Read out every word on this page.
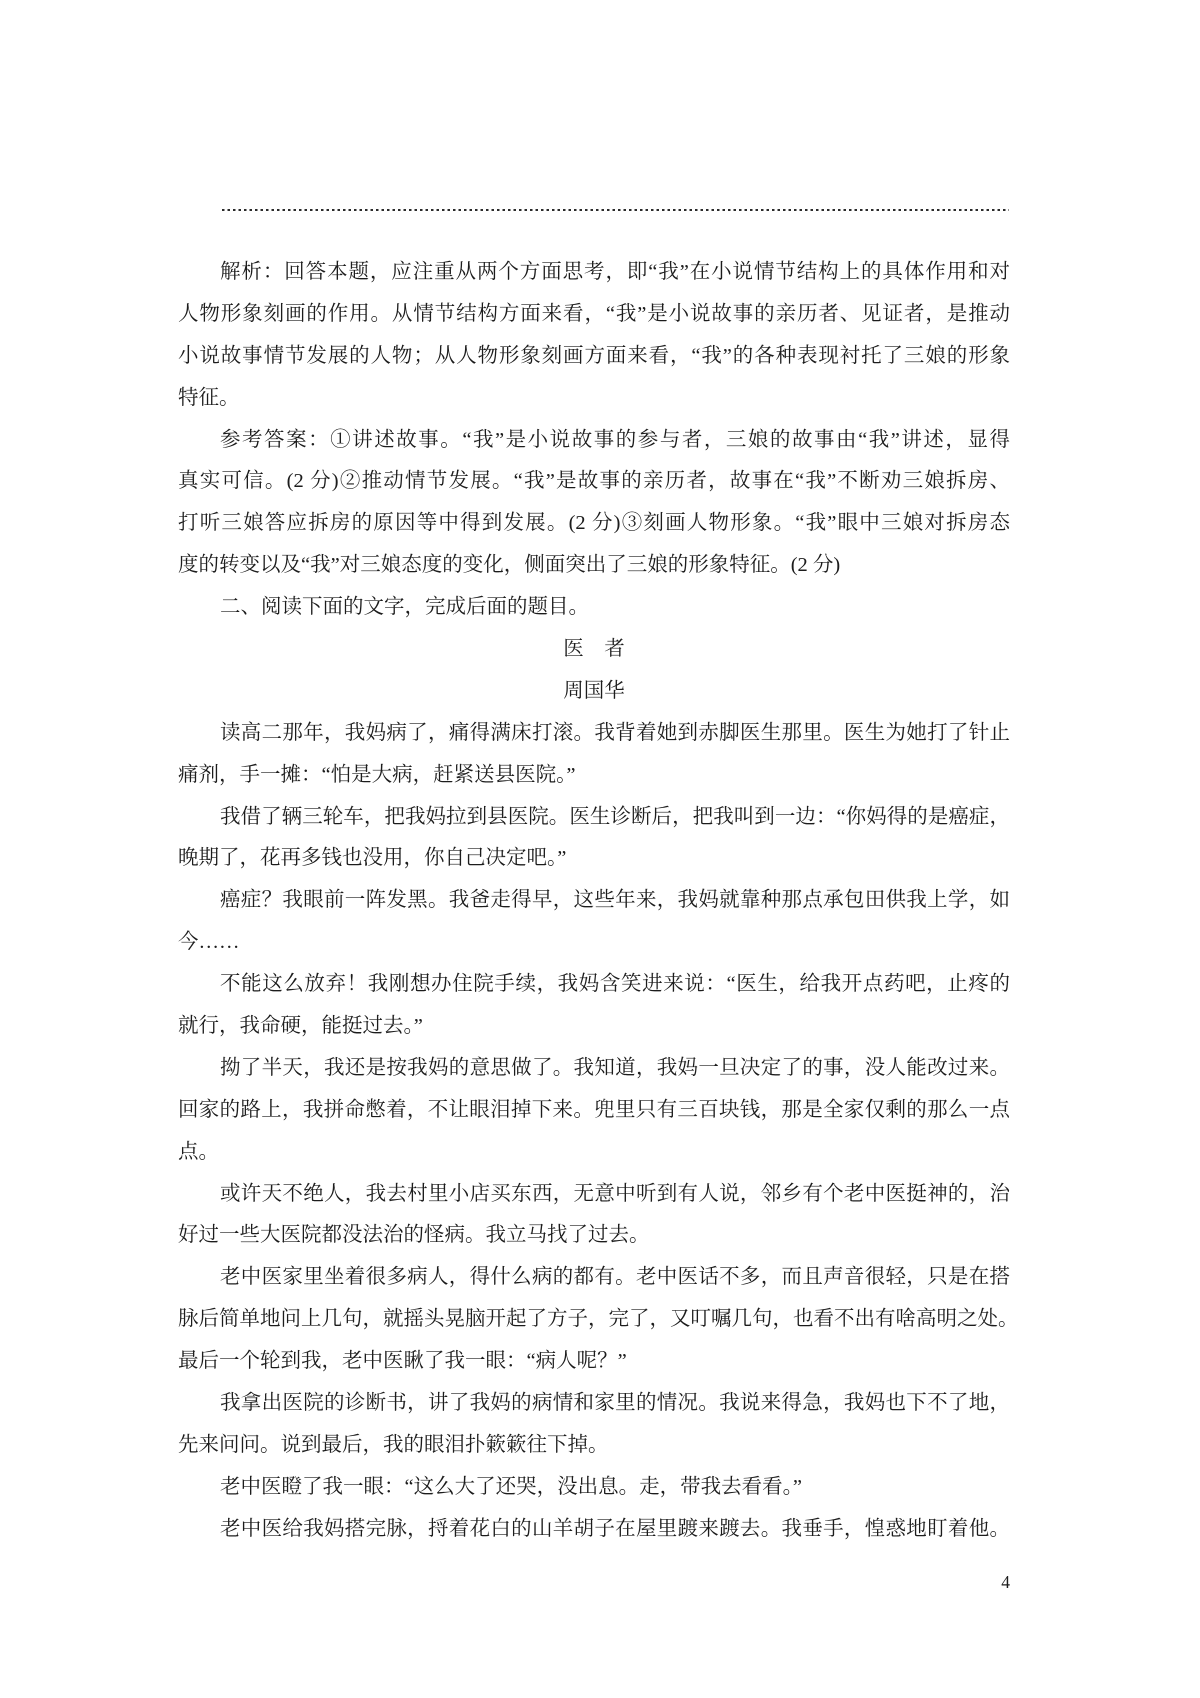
解析：回答本题，应注重从两个方面思考，即“我”在小说情节结构上的具体作用和对
人物形象刻画的作用。从情节结构方面来看，“我”是小说故事的亲历者、见证者，是推动
小说故事情节发展的人物；从人物形象刻画方面来看，“我”的各种表现衬托了三娘的形象
特征。
参考答案：①讲述故事。“我”是小说故事的参与者，三娘的故事由“我”讲述，显得
真实可信。(2 分)②推动情节发展。“我”是故事的亲历者，故事在“我”不断劝三娘拆房、
打听三娘答应拆房的原因等中得到发展。(2 分)③刻画人物形象。“我”眼中三娘对拆房态
度的转变以及“我”对三娘态度的变化，侧面突出了三娘的形象特征。(2 分)
二、阅读下面的文字，完成后面的题目。
医　者
周国华
读高二那年，我妈病了，痛得满床打滚。我背着她到赤脚医生那里。医生为她打了针止
痛剂，手一摊：“怕是大病，赶紧送县医院。”
我借了辆三轮车，把我妈拉到县医院。医生诊断后，把我叫到一边：“你妈得的是癌症，
晚期了，花再多钱也没用，你自己决定吧。”
癌症？我眼前一阵发黑。我爸走得早，这些年来，我妈就靠种那点承包田供我上学，如
今……
不能这么放弃！我刚想办住院手续，我妈含笑进来说：“医生，给我开点药吧，止疼的
就行，我命硬，能挺过去。”
拗了半天，我还是按我妈的意思做了。我知道，我妈一旦决定了的事，没人能改过来。
回家的路上，我拼命憋着，不让眼泪掉下来。兜里只有三百块钱，那是全家仅剩的那么一点
点。
或许天不绝人，我去村里小店买东西，无意中听到有人说，邻乡有个老中医挺神的，治
好过一些大医院都没法治的怪病。我立马找了过去。
老中医家里坐着很多病人，得什么病的都有。老中医话不多，而且声音很轻，只是在搭
脉后简单地问上几句，就摇头晃脑开起了方子，完了，又叮嘱几句，也看不出有啥高明之处。
最后一个轮到我，老中医瞅了我一眼：“病人呢？”
我拿出医院的诊断书，讲了我妈的病情和家里的情况。我说来得急，我妈也下不了地，
先来问问。说到最后，我的眼泪扑簌簌往下掉。
老中医瞪了我一眼：“这么大了还哭，没出息。走，带我去看看。”
老中医给我妈搭完脉，捋着花白的山羊胡子在屋里踱来踱去。我垂手，惶惑地盯着他。
4
